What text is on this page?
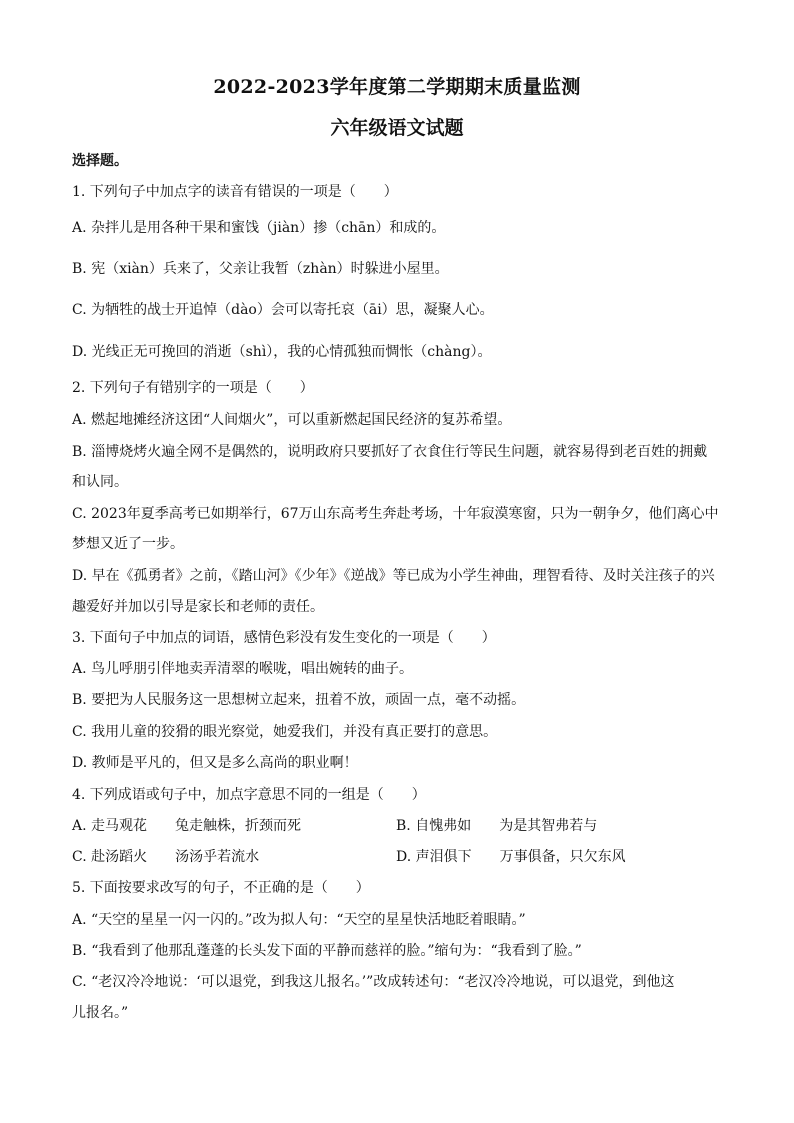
2022-2023学年度第二学期期末质量监测
六年级语文试题
选择题。
1. 下列句子中加点字的读音有错误的一项是（　　）
A. 杂拌儿是用各种干果和蜜饯（jiàn）掺（chān）和成的。
B. 宪（xiàn）兵来了，父亲让我暂（zhàn）时躲进小屋里。
C. 为牺牲的战士开追悼（dào）会可以寄托哀（āi）思，凝聚人心。
D. 光线正无可挽回的消逝（shì），我的心情孤独而惆怅（chàng）。
2. 下列句子有错别字的一项是（　　）
A. 燃起地摊经济这团“人间烟火”，可以重新燃起国民经济的复苏希望。
B. 淄博烧烤火遍全网不是偶然的，说明政府只要抓好了衣食住行等民生问题，就容易得到老百姓的拥戴
和认同。
C. 2023年夏季高考已如期举行，67万山东高考生奔赴考场，十年寂漠寒窗，只为一朝争夕，他们离心中
梦想又近了一步。
D. 早在《孤勇者》之前，《踏山河》《少年》《逆战》等已成为小学生神曲，理智看待、及时关注孩子的兴
趣爱好并加以引导是家长和老师的责任。
3. 下面句子中加点的词语，感情色彩没有发生变化的一项是（　　）
A. 鸟儿呼朋引伴地卖弄清翠的喉咙，唱出婉转的曲子。
B. 要把为人民服务这一思想树立起来，扭着不放，顽固一点，毫不动摇。
C. 我用儿童的狡猾的眼光察觉，她爱我们，并没有真正要打的意思。
D. 教师是平凡的，但又是多么高尚的职业啊！
4. 下列成语或句子中，加点字意思不同的一组是（　　）
A. 走马观花　　兔走触株，折颈而死	B. 自愧弗如　　为是其智弗若与
C. 赴汤蹈火　　汤汤乎若流水	D. 声泪俱下　　万事俱备，只欠东风
5. 下面按要求改写的句子，不正确的是（　　）
A. “天空的星星一闪一闪的。”改为拟人句：“天空的星星快活地眨着眼睛。”
B. “我看到了他那乱蓬蓬的长头发下面的平静而慈祥的脸。”缩句为：“我看到了脸。”
C. “老汉冷冷地说：‘可以退党，到我这儿报名。’”改成转述句：“老汉冷冷地说，可以退党，到他这
儿报名。”
